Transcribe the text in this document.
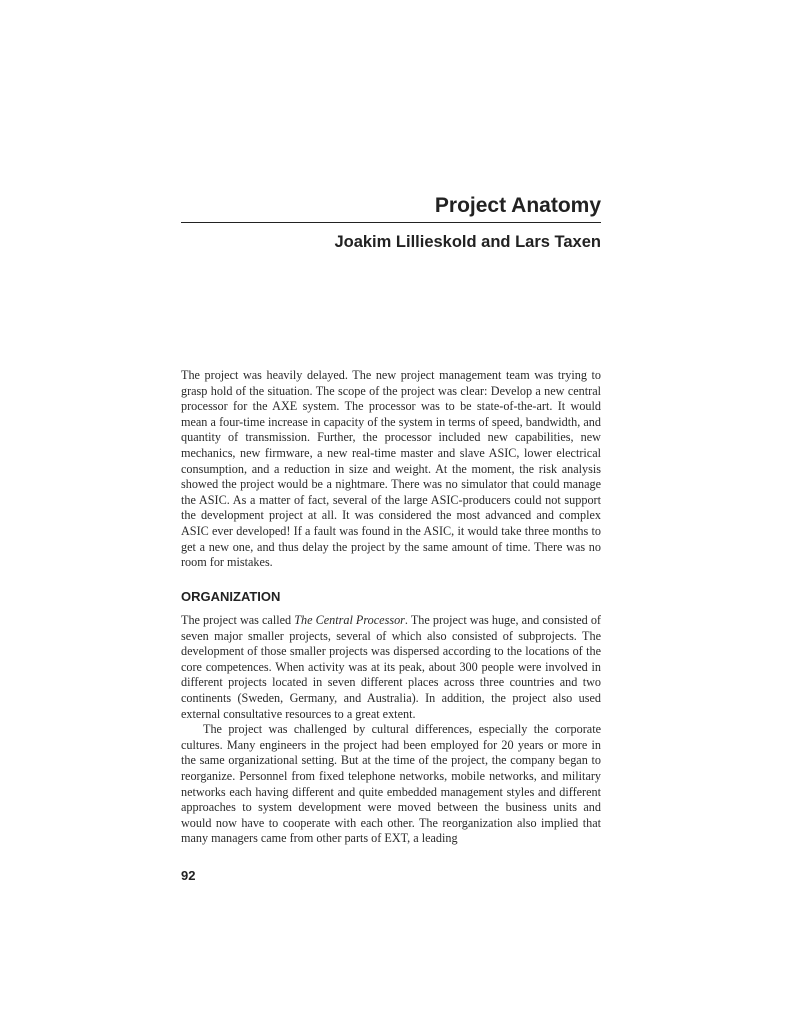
Project Anatomy
Joakim Lillieskold and Lars Taxen

The project was heavily delayed. The new project management team was trying to grasp hold of the situation. The scope of the project was clear: Develop a new central processor for the AXE system. The processor was to be state-of-the-art. It would mean a four-time increase in capacity of the system in terms of speed, bandwidth, and quantity of transmission. Further, the processor included new capabilities, new mechanics, new firmware, a new real-time master and slave ASIC, lower electrical consumption, and a reduction in size and weight. At the moment, the risk analysis showed the project would be a nightmare. There was no simulator that could manage the ASIC. As a matter of fact, several of the large ASIC-producers could not support the development project at all. It was considered the most advanced and complex ASIC ever developed! If a fault was found in the ASIC, it would take three months to get a new one, and thus delay the project by the same amount of time. There was no room for mistakes.

ORGANIZATION

The project was called The Central Processor. The project was huge, and consisted of seven major smaller projects, several of which also consisted of subprojects. The development of those smaller projects was dispersed according to the locations of the core competences. When activity was at its peak, about 300 people were involved in different projects located in seven different places across three countries and two continents (Sweden, Germany, and Australia). In addition, the project also used external consultative resources to a great extent.

The project was challenged by cultural differences, especially the corporate cultures. Many engineers in the project had been employed for 20 years or more in the same organizational setting. But at the time of the project, the company began to reorganize. Personnel from fixed telephone networks, mobile networks, and military networks each having different and quite embedded management styles and different approaches to system development were moved between the business units and would now have to cooperate with each other. The reorganization also implied that many managers came from other parts of EXT, a leading

92
